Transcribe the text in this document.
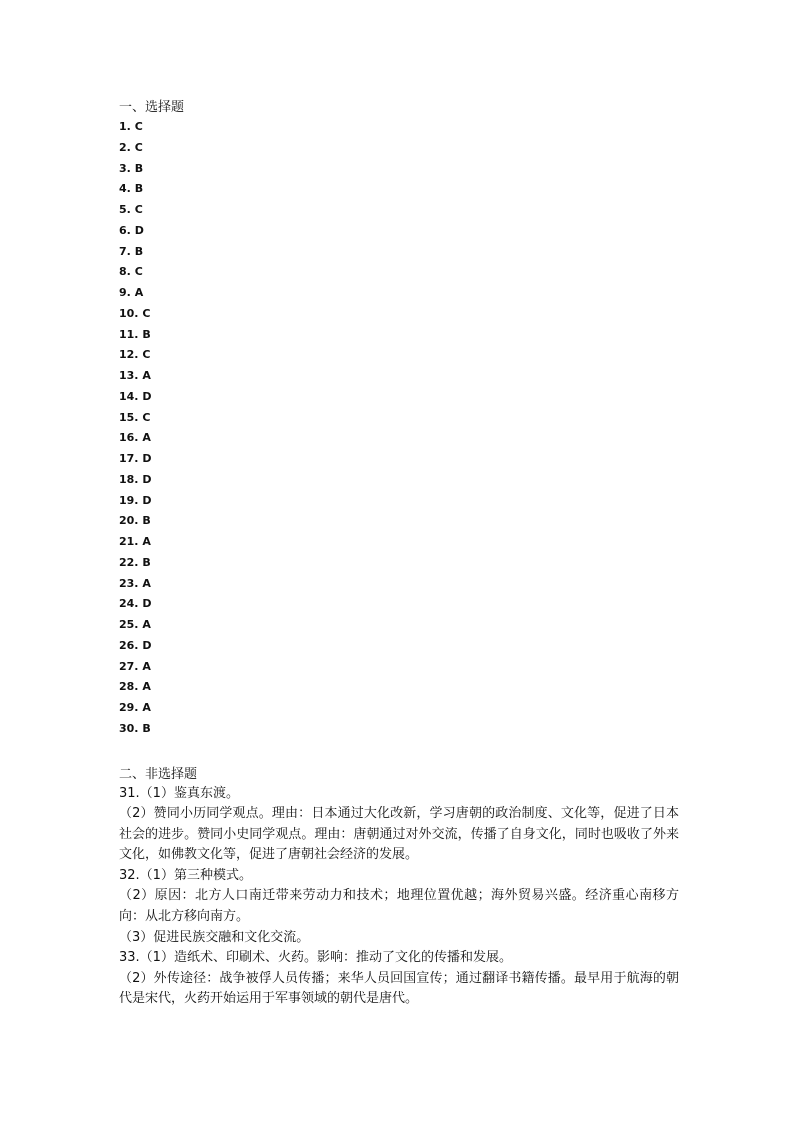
一、选择题
1. C
2. C
3. B
4. B
5. C
6. D
7. B
8. C
9. A
10. C
11. B
12. C
13. A
14. D
15. C
16. A
17. D
18. D
19. D
20. B
21. A
22. B
23. A
24. D
25. A
26. D
27. A
28. A
29. A
30. B
二、非选择题

31.（1）鉴真东渡。

（2）赞同小历同学观点。理由：日本通过大化改新，学习唐朝的政治制度、文化等，促进了日本社会的进步。赞同小史同学观点。理由：唐朝通过对外交流，传播了自身文化，同时也吸收了外来文化，如佛教文化等，促进了唐朝社会经济的发展。

32.（1）第三种模式。

（2）原因：北方人口南迁带来劳动力和技术；地理位置优越；海外贸易兴盛。经济重心南移方向：从北方移向南方。

（3）促进民族交融和文化交流。

33.（1）造纸术、印刷术、火药。影响：推动了文化的传播和发展。

（2）外传途径：战争被俘人员传播；来华人员回国宣传；通过翻译书籍传播。最早用于航海的朝代是宋代，火药开始运用于军事领域的朝代是唐代。
